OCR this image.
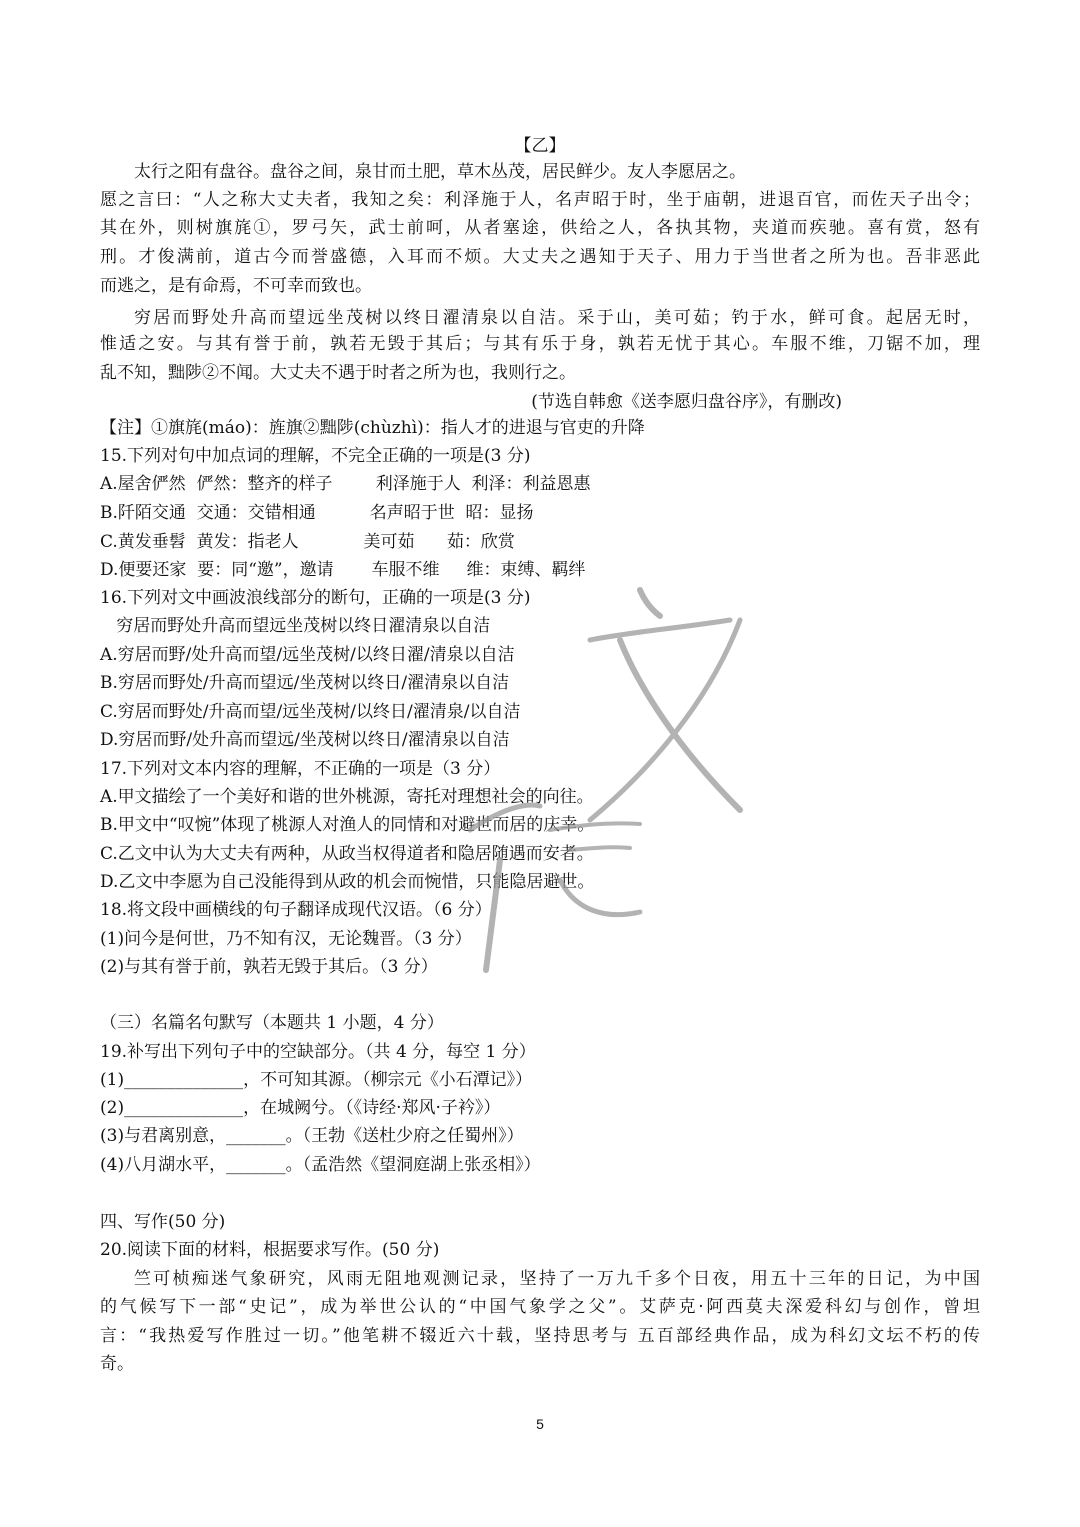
【乙】
太行之阳有盘谷。盘谷之间，泉甘而土肥，草木丛茂，居民鲜少。友人李愿居之。
愿之言曰：“人之称大丈夫者，我知之矣：利泽施于人，名声昭于时，坐于庙朝，进退百官，而佐天子出令；
其在外，则树旗旄①，罗弓矢，武士前呵，从者塞途，供给之人，各执其物，夹道而疾驰。喜有赏，怒有
刑。才俊满前，道古今而誉盛德，入耳而不烦。大丈夫之遇知于天子、用力于当世者之所为也。吾非恶此
而逃之，是有命焉，不可幸而致也。
穷居而野处升高而望远坐茂树以终日濯清泉以自洁。采于山，美可茹；钓于水，鲜可食。起居无时，
惟适之安。与其有誉于前，孰若无毁于其后；与其有乐于身，孰若无忧于其心。车服不维，刀锯不加，理
乱不知，黜陟②不闻。大丈夫不遇于时者之所为也，我则行之。
(节选自韩愈《送李愿归盘谷序》，有删改)
【注】①旗旄(máo)：旌旗②黜陟(chùzhì)：指人才的进退与官吏的升降
15.下列对句中加点词的理解，不完全正确的一项是(3 分)
A.屋舍俨然  俨然：整齐的样子        利泽施于人  利泽：利益恩惠
B.阡陌交通  交通：交错相通          名声昭于世  昭：显扬
C.黄发垂髫  黄发：指老人            美可茹      茹：欣赏
D.便要还家  要：同“邀”，邀请       车服不维     维：束缚、羁绊
16.下列对文中画波浪线部分的断句，正确的一项是(3 分)
穷居而野处升高而望远坐茂树以终日濯清泉以自洁
A.穷居而野/处升高而望/远坐茂树/以终日濯/清泉以自洁
B.穷居而野处/升高而望远/坐茂树以终日/濯清泉以自洁
C.穷居而野处/升高而望/远坐茂树/以终日/濯清泉/以自洁
D.穷居而野/处升高而望远/坐茂树以终日/濯清泉以自洁
17.下列对文本内容的理解，不正确的一项是（3 分）
A.甲文描绘了一个美好和谐的世外桃源，寄托对理想社会的向往。
B.甲文中“叹惋”体现了桃源人对渔人的同情和对避世而居的庆幸。
C.乙文中认为大丈夫有两种，从政当权得道者和隐居随遇而安者。
D.乙文中李愿为自己没能得到从政的机会而惋惜，只能隐居避世。
18.将文段中画横线的句子翻译成现代汉语。（6 分）
(1)问今是何世，乃不知有汉，无论魏晋。（3 分）
(2)与其有誉于前，孰若无毁于其后。（3 分）
（三）名篇名句默写（本题共 1 小题，4 分）
19.补写出下列句子中的空缺部分。（共 4 分，每空 1 分）
(1)______________，不可知其源。（柳宗元《小石潭记》）
(2)______________，在城阙兮。（《诗经·郑风·子衿》）
(3)与君离别意，_______。（王勃《送杜少府之任蜀州》）
(4)八月湖水平，_______。（孟浩然《望洞庭湖上张丞相》）
四、写作(50 分)
20.阅读下面的材料，根据要求写作。(50 分)
竺可桢痴迷气象研究，风雨无阻地观测记录，坚持了一万九千多个日夜，用五十三年的日记，为中国
的气候写下一部“史记”，成为举世公认的“中国气象学之父”。艾萨克·阿西莫夫深爱科幻与创作，曾坦
言：“我热爱写作胜过一切。”他笔耕不辍近六十载，坚持思考与 五百部经典作品，成为科幻文坛不朽的传
奇。
5
